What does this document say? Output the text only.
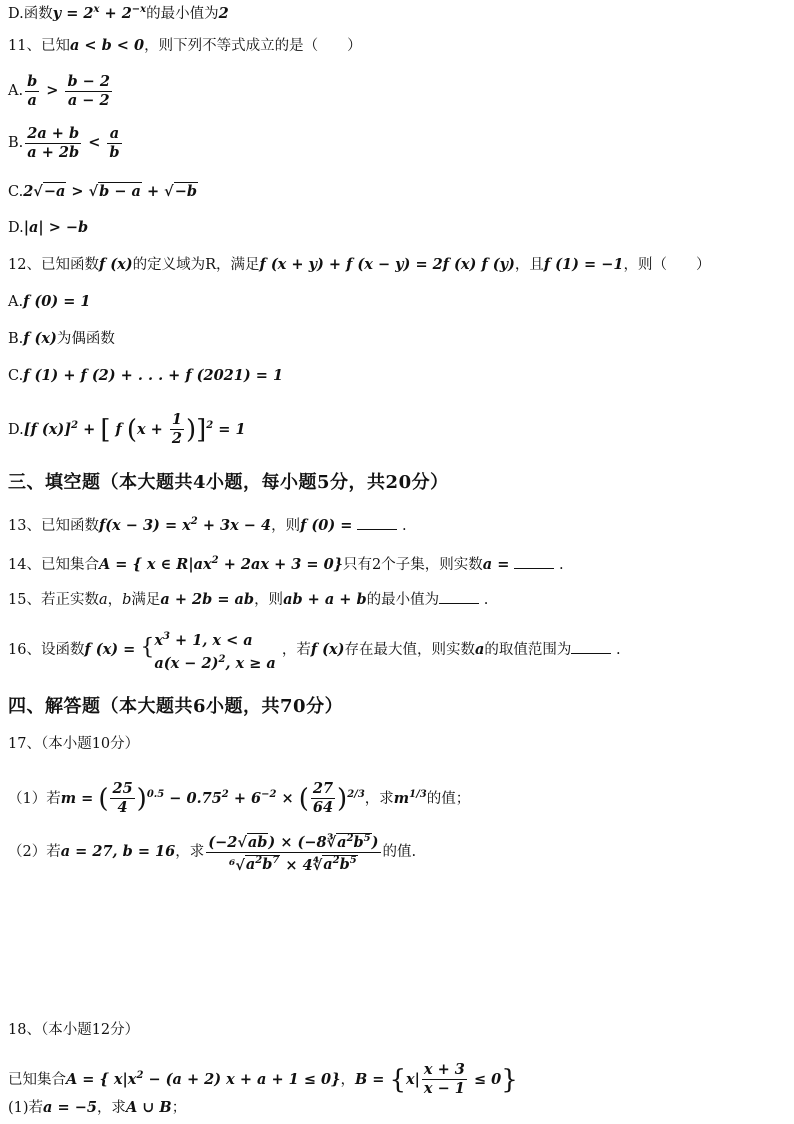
D.函数$y = 2^x + 2^{-x}$的最小值为2
11、已知a < b < 0，则下列不等式成立的是（　　）
A. $\frac{b}{a} > \frac{b - 2}{a - 2}$
B. $\frac{2a + b}{a + 2b} < \frac{a}{b}$
C.2√−a > √b − a + √−b
D.|a| > −b
12、已知函数f (x)的定义域为R，满足f (x + y) + f (x − y) = 2f (x) f (y)，且f (1) = −1，则（　　）
A.f (0) = 1
B.f (x)为偶函数
C.f (1) + f (2) + . . . + f (2021) = 1
D.[f (x)]$^2$ + [ f $(x + \frac{1}{2} )]^2 = 1$
三、填空题（本大题共4小题，每小题5分，共20分）
13、已知函数$f(x - 3) = x^2 + 3x - 4$，则f (0) =	.
14、已知集合A = { x ∈ $R|ax^2 + 2ax + 3 = 0$}只有2个子集，则实数a =	.
15、若正实数a，b满足a + 2b = ab，则ab + a + b的最小值为	.
16、设函数f (x) = { $x^3 + 1$, x < a
$a(x - 2)^2$, x ≥ a
，若f (x)存在最大值，则实数a的取值范围为	.
四、解答题（本大题共6小题，共70分）
17、（本小题10分）
（1）若m = ( $\frac{25}{4} )^{0.5} - 0.75^2 + 6^{-2}$ × ( $\frac{27}{64} )^{2/3}$，求$m^{1/3}$的值；
（2）若a = 27, b = 16，求 $\frac{(-2√ab) \times (-8∛a^2b^5)}{^6√a^2b^7 \times 4∜a^2b^5}$ 的值.
18、（本小题12分）
已知集合A = { $x|x^2 - (a + 2) x + a + 1 \le 0$}，$B = \{x| \frac{x + 3}{x - 1} \le 0\}$
(1)若a = −5，求A ∪ B；
